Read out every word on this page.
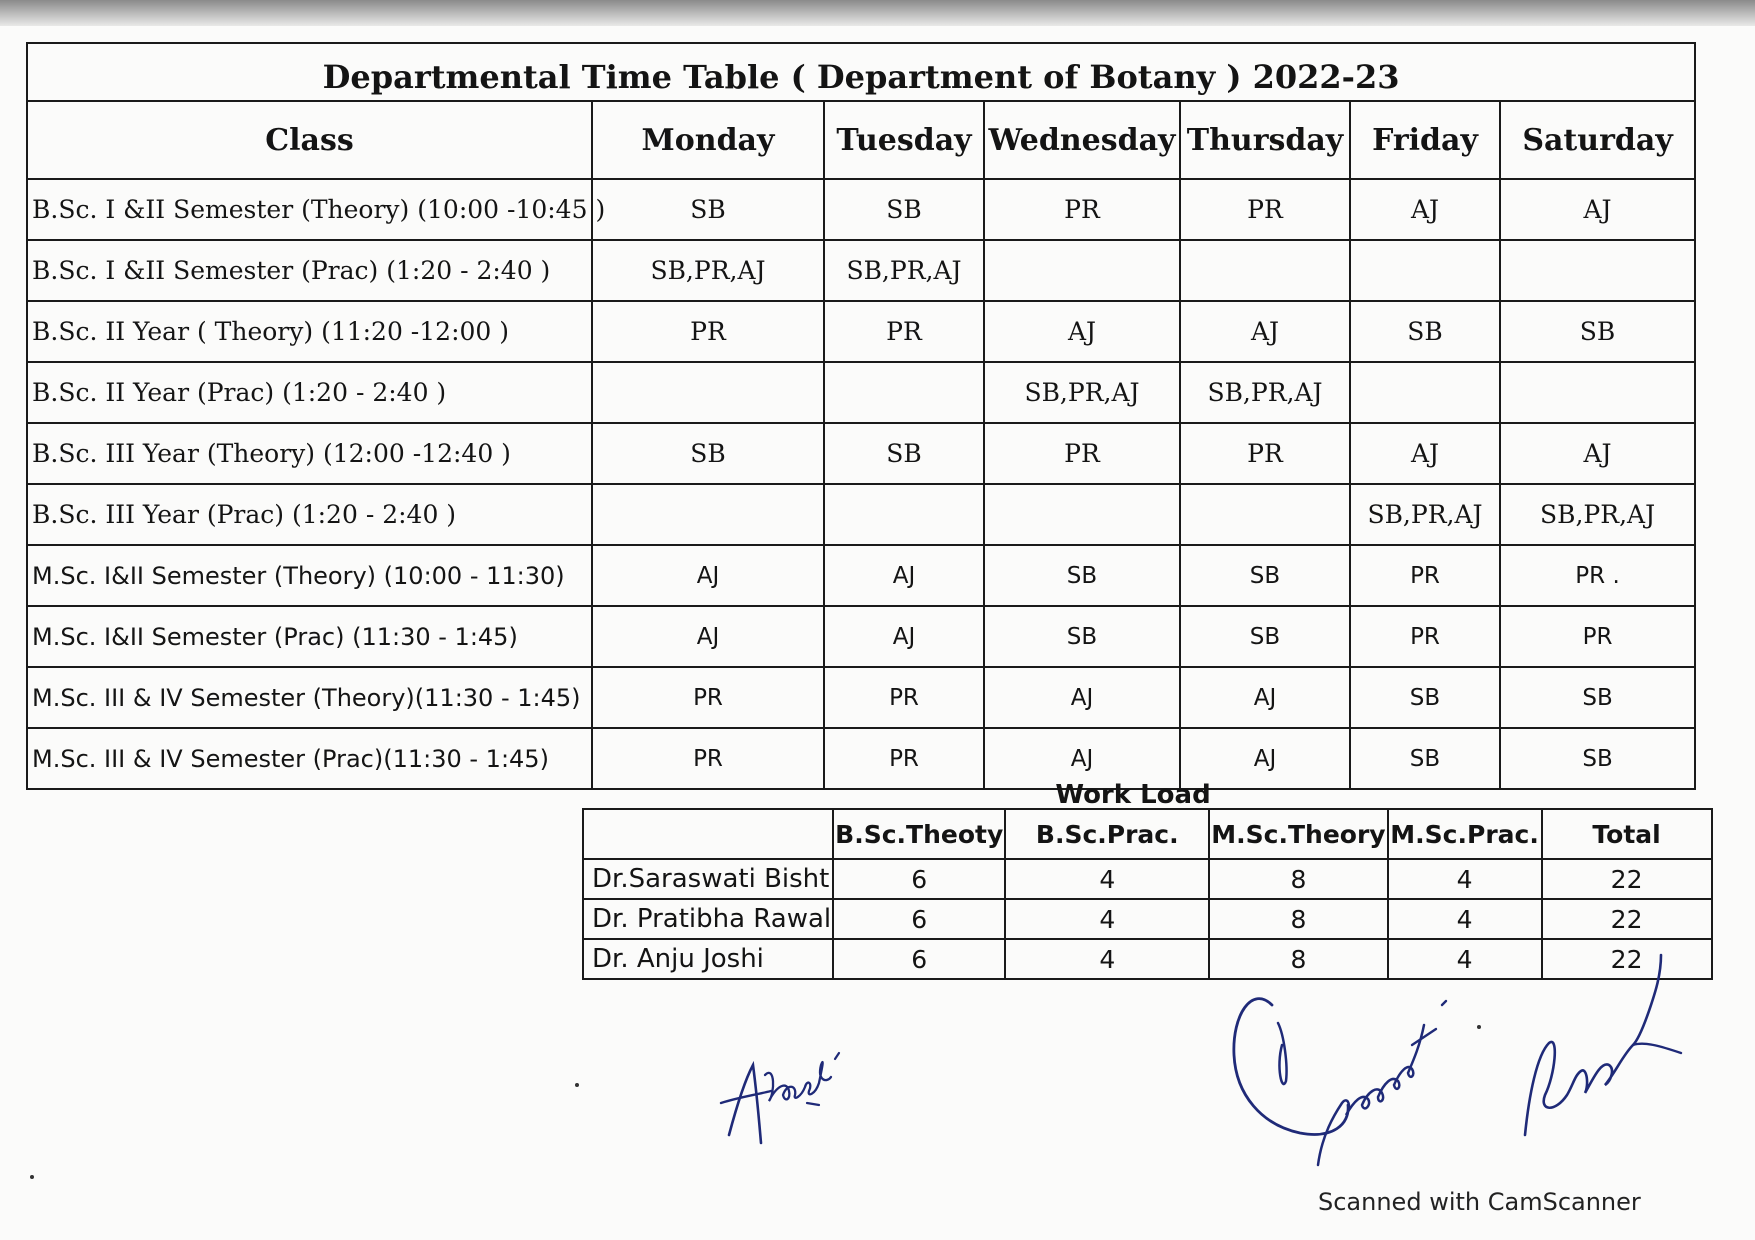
Departmental Time Table ( Department of Botany ) 2022-23						
Class	Monday	Tuesday	Wednesday	Thursday	Friday	Saturday
B.Sc. I &II Semester (Theory) (10:00 -10:45 )	SB	SB	PR	PR	AJ	AJ
B.Sc. I &II Semester (Prac) (1:20 - 2:40 )	SB,PR,AJ	SB,PR,AJ				
B.Sc. II Year ( Theory) (11:20 -12:00 )	PR	PR	AJ	AJ	SB	SB
B.Sc. II Year (Prac) (1:20 - 2:40 )			SB,PR,AJ	SB,PR,AJ		
B.Sc. III Year (Theory) (12:00 -12:40 )	SB	SB	PR	PR	AJ	AJ
B.Sc. III Year (Prac) (1:20 - 2:40 )					SB,PR,AJ	SB,PR,AJ
M.Sc. I&II Semester (Theory) (10:00 - 11:30)	AJ	AJ	SB	SB	PR	PR .
M.Sc. I&II Semester (Prac) (11:30 - 1:45)	AJ	AJ	SB	SB	PR	PR
M.Sc. III & IV Semester (Theory)(11:30 - 1:45)	PR	PR	AJ	AJ	SB	SB
M.Sc. III & IV Semester (Prac)(11:30 - 1:45)	PR	PR	AJ	AJ	SB	SB
Work Load
	B.Sc.Theoty	B.Sc.Prac.	M.Sc.Theory	M.Sc.Prac.	Total
Dr.Saraswati Bisht	6	4	8	4	22
Dr. Pratibha Rawal	6	4	8	4	22
Dr. Anju Joshi	6	4	8	4	22
Scanned with CamScanner
